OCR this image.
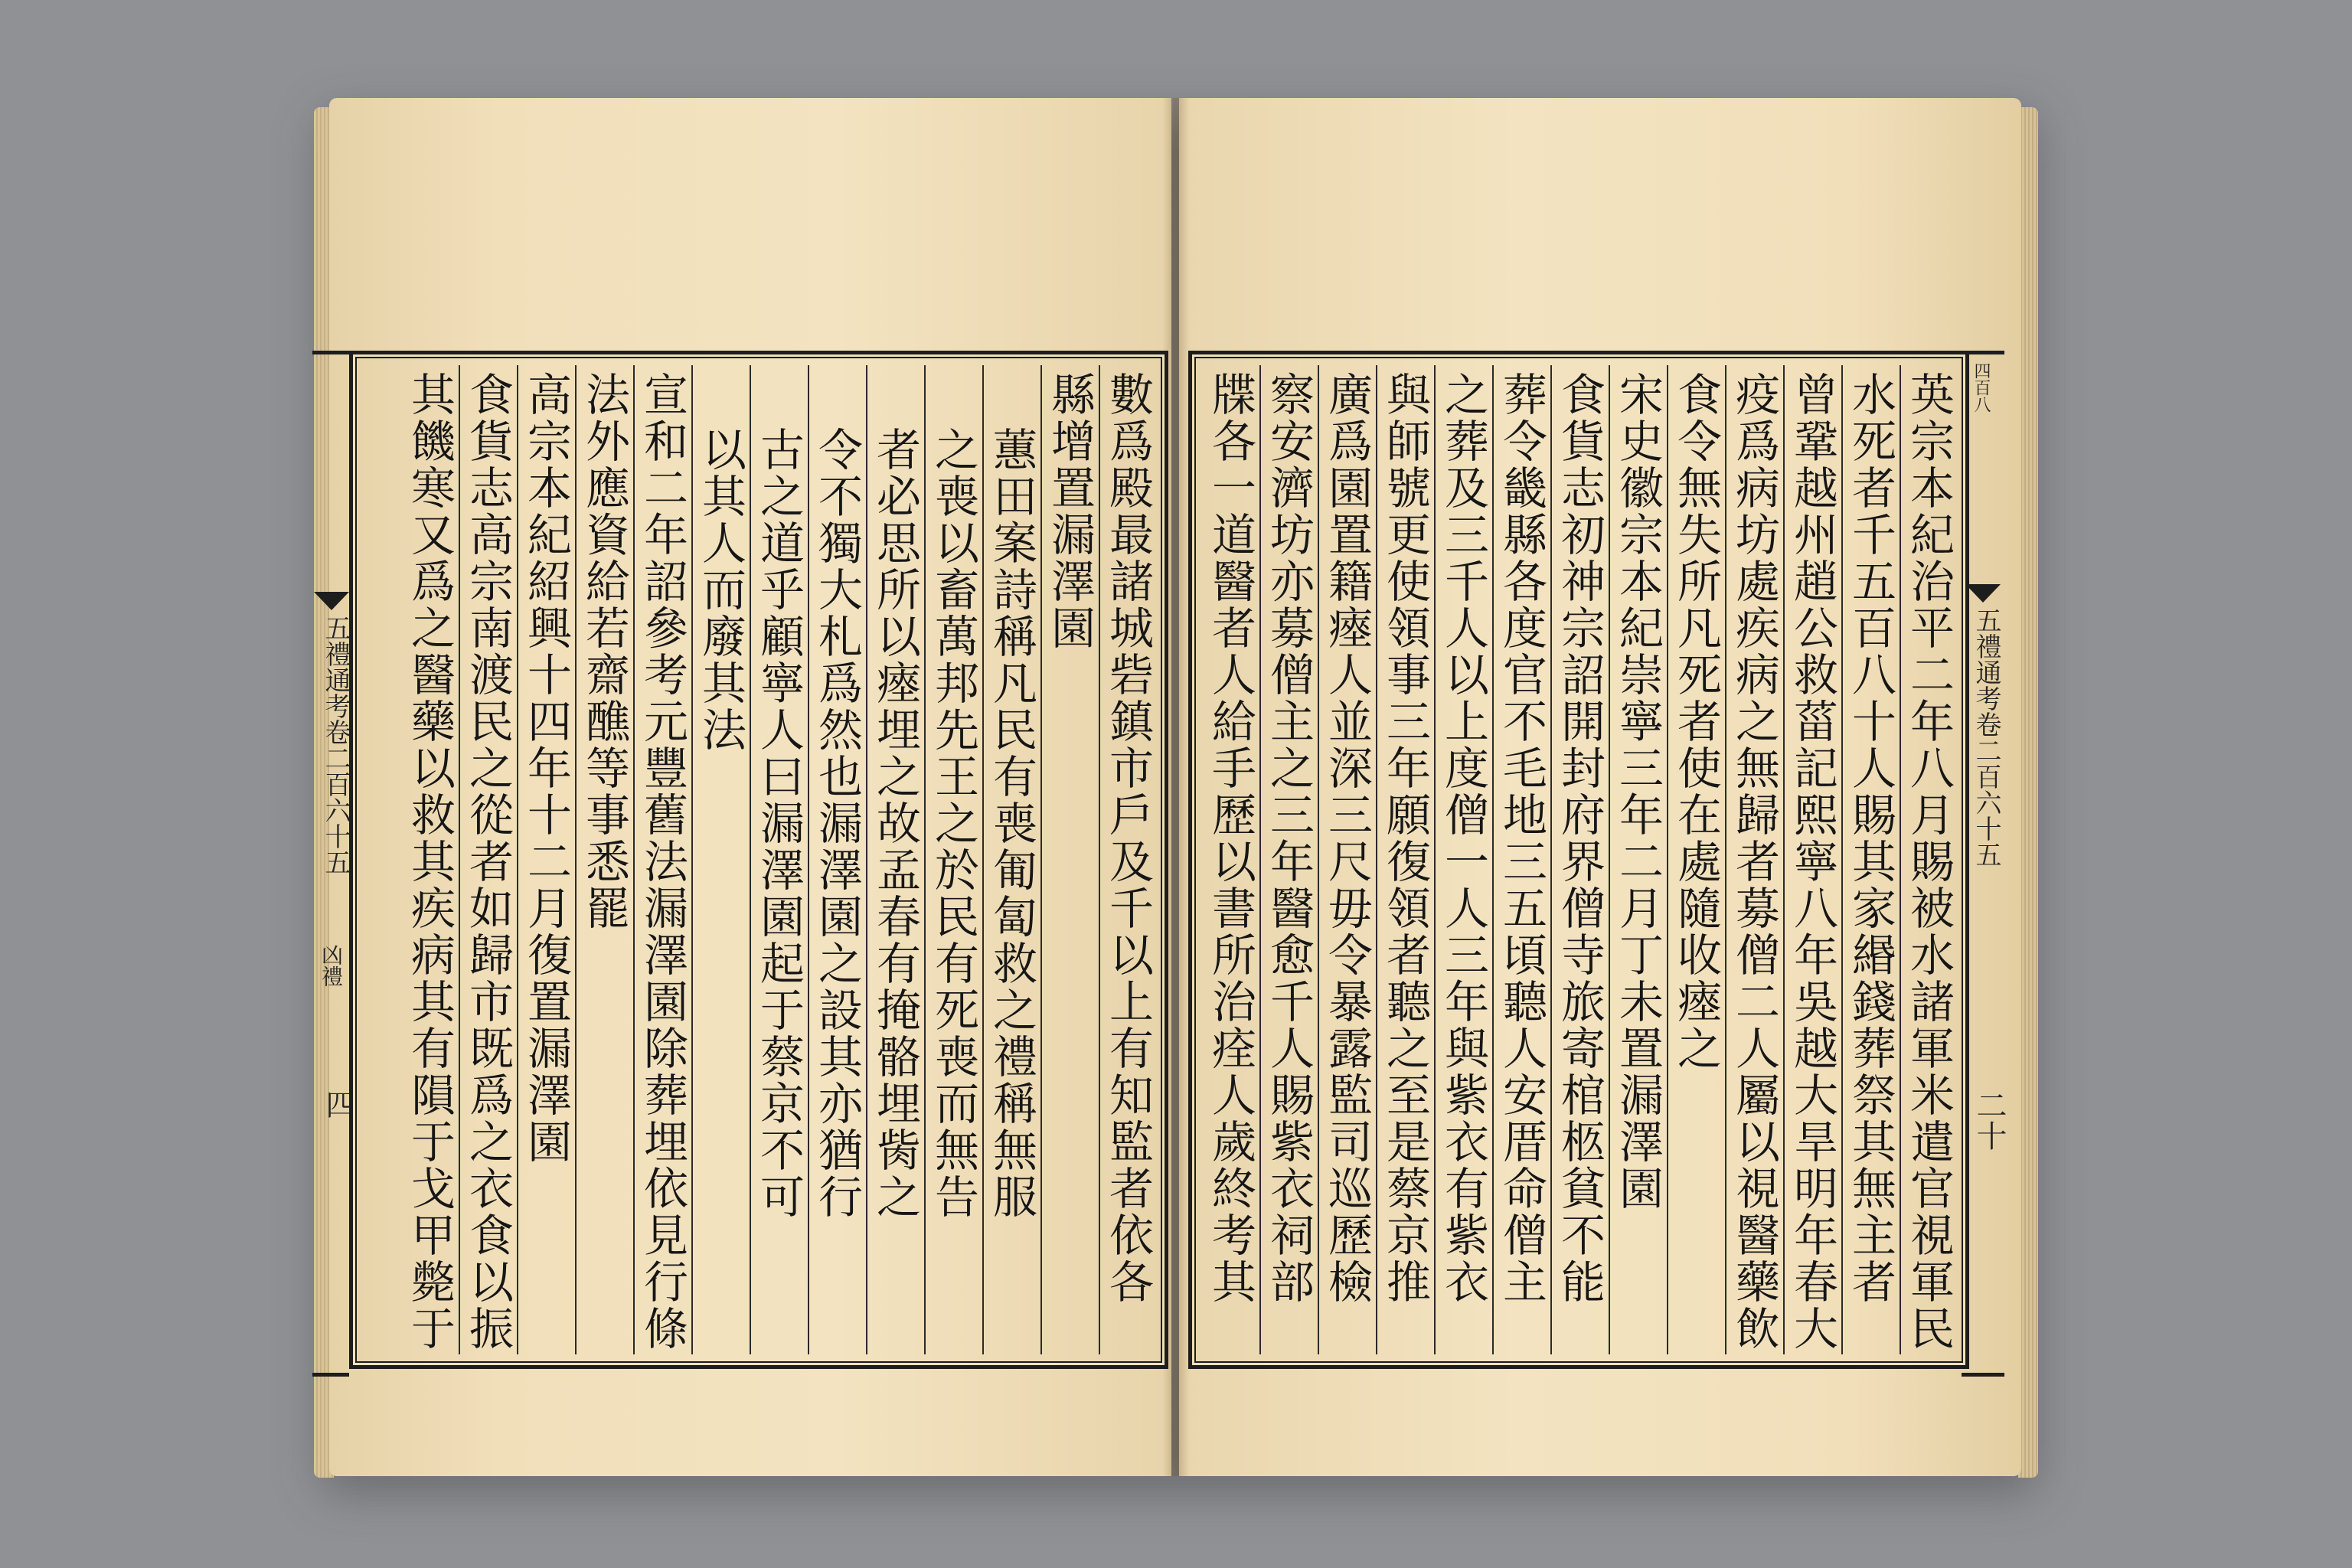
五禮通考卷二百六十五
凶禮
四	數爲殿最諸城砦鎮市戶及千以上有知監者依各
縣增置漏澤園
蕙田案詩稱凡民有喪匍匐救之禮稱無服
之喪以畜萬邦先王之於民有死喪而無告
者必思所以瘞埋之故孟春有掩骼埋胔之
令不獨大札爲然也漏澤園之設其亦猶行
古之道乎顧寧人曰漏澤園起于蔡京不可
以其人而廢其法
宣和二年詔參考元豐舊法漏澤園除葬埋依見行條
法外應資給若齋醮等事悉罷
高宗本紀紹興十四年十二月復置漏澤園
食貨志高宗南渡民之從者如歸市既爲之衣食以振
其饑寒又爲之醫藥以救其疾病其有隕于戈甲斃于	英宗本紀治平二年八月賜被水諸軍米遣官視軍民
水死者千五百八十人賜其家緡錢葬祭其無主者
曾鞏越州趙公救菑記熙寧八年吳越大旱明年春大
疫爲病坊處疾病之無歸者募僧二人屬以視醫藥飲
食令無失所凡死者使在處隨收瘞之
宋史徽宗本紀崇寧三年二月丁未置漏澤園
食貨志初神宗詔開封府界僧寺旅寄棺柩貧不能
葬令畿縣各度官不毛地三五頃聽人安厝命僧主
之葬及三千人以上度僧一人三年與紫衣有紫衣
與師號更使領事三年願復領者聽之至是蔡京推
廣爲園置籍瘞人並深三尺毋令暴露監司巡歷檢
察安濟坊亦募僧主之三年醫愈千人賜紫衣祠部
牒各一道醫者人給手歷以書所治痊人歲終考其	四百八
五禮通考卷二百六十五
二十
